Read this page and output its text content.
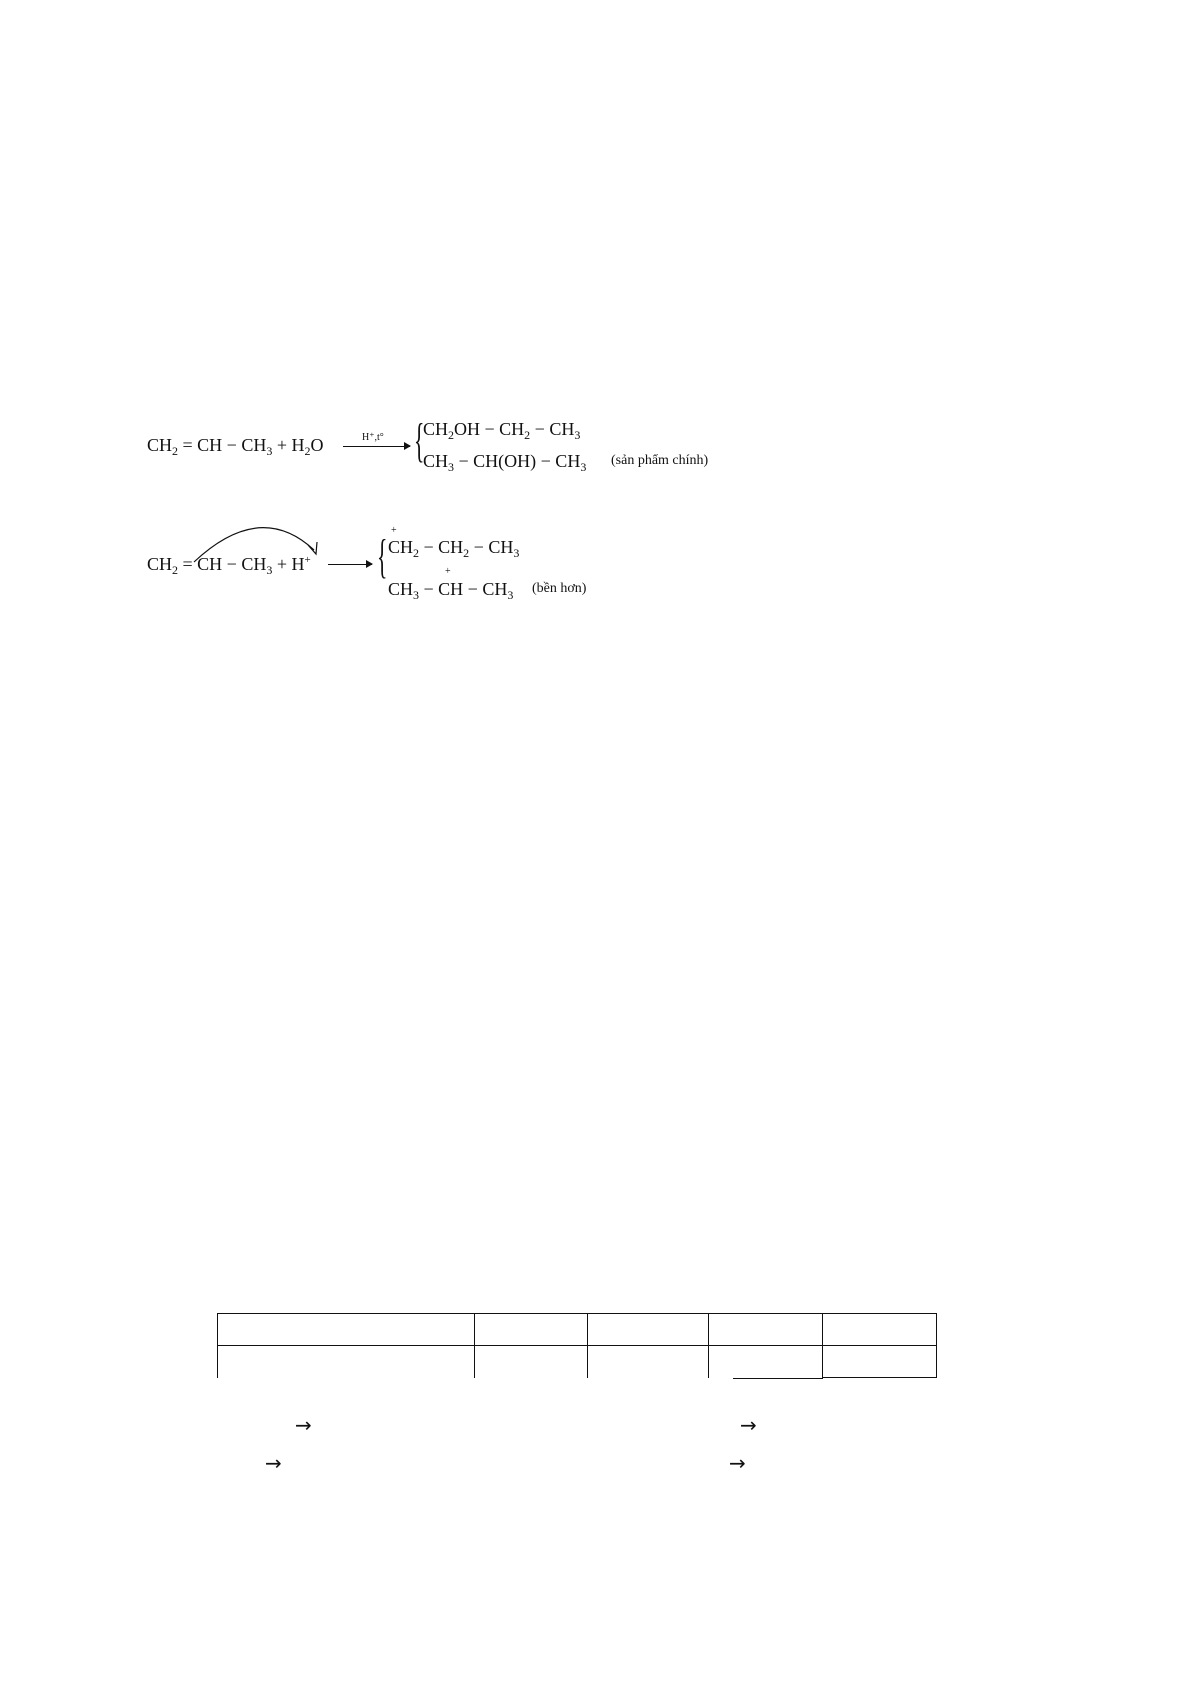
$CH_2$ = CH − $CH_3 + H_2O$	H⁺,t° {
$CH_2OH - CH_2 - CH_3$
$CH_3 - CH(OH) - CH_3$ (sản phẩm chính)
$CH_2$ = CH − $CH_3 + H^+$ { +
$CH_2 - CH_2 - CH_3$
+
$CH_3$ − CH − $CH_3$ (bền hơn)

→	→
→	→
